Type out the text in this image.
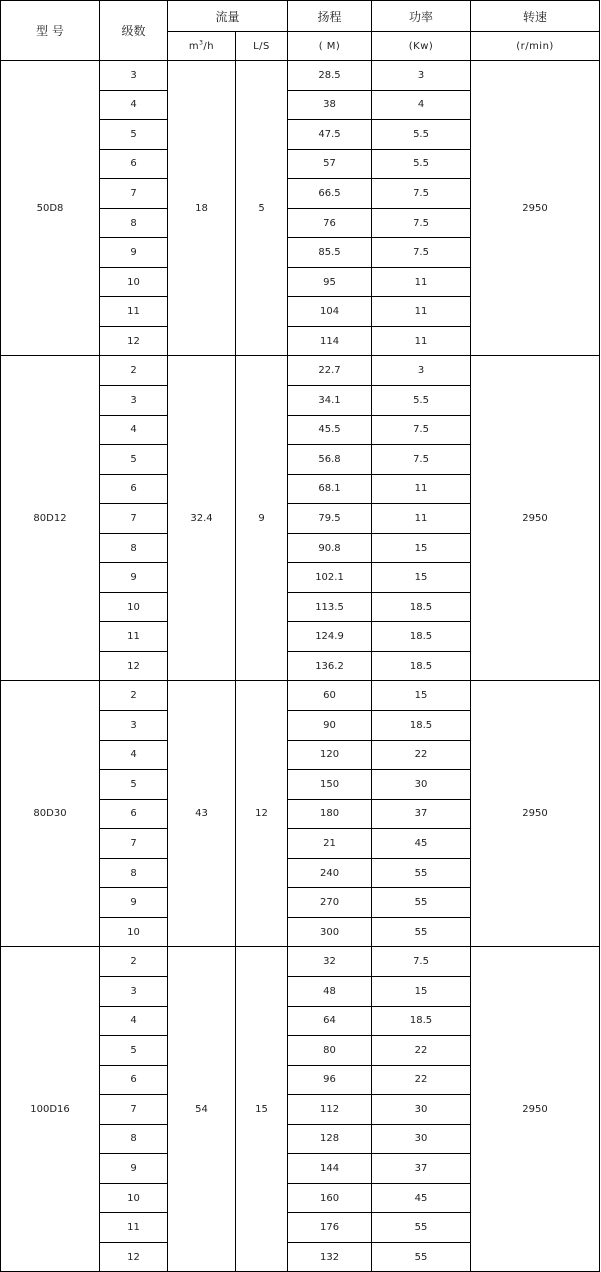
型 号	级数	流量		扬程	功率	转速
		$m^3/h$	L/S	( M)	(Kw)	(r/min)
50D8	3	18	5	28.5	3	2950
	4			38	4	
	5			47.5	5.5	
	6			57	5.5	
	7			66.5	7.5	
	8			76	7.5	
	9			85.5	7.5	
	10			95	11	
	11			104	11	
	12			114	11	
80D12	2	32.4	9	22.7	3	2950
	3			34.1	5.5	
	4			45.5	7.5	
	5			56.8	7.5	
	6			68.1	11	
	7			79.5	11	
	8			90.8	15	
	9			102.1	15	
	10			113.5	18.5	
	11			124.9	18.5	
	12			136.2	18.5	
80D30	2	43	12	60	15	2950
	3			90	18.5	
	4			120	22	
	5			150	30	
	6			180	37	
	7			21	45	
	8			240	55	
	9			270	55	
	10			300	55	
100D16	2	54	15	32	7.5	2950
	3			48	15	
	4			64	18.5	
	5			80	22	
	6			96	22	
	7			112	30	
	8			128	30	
	9			144	37	
	10			160	45	
	11			176	55	
	12			132	55	
